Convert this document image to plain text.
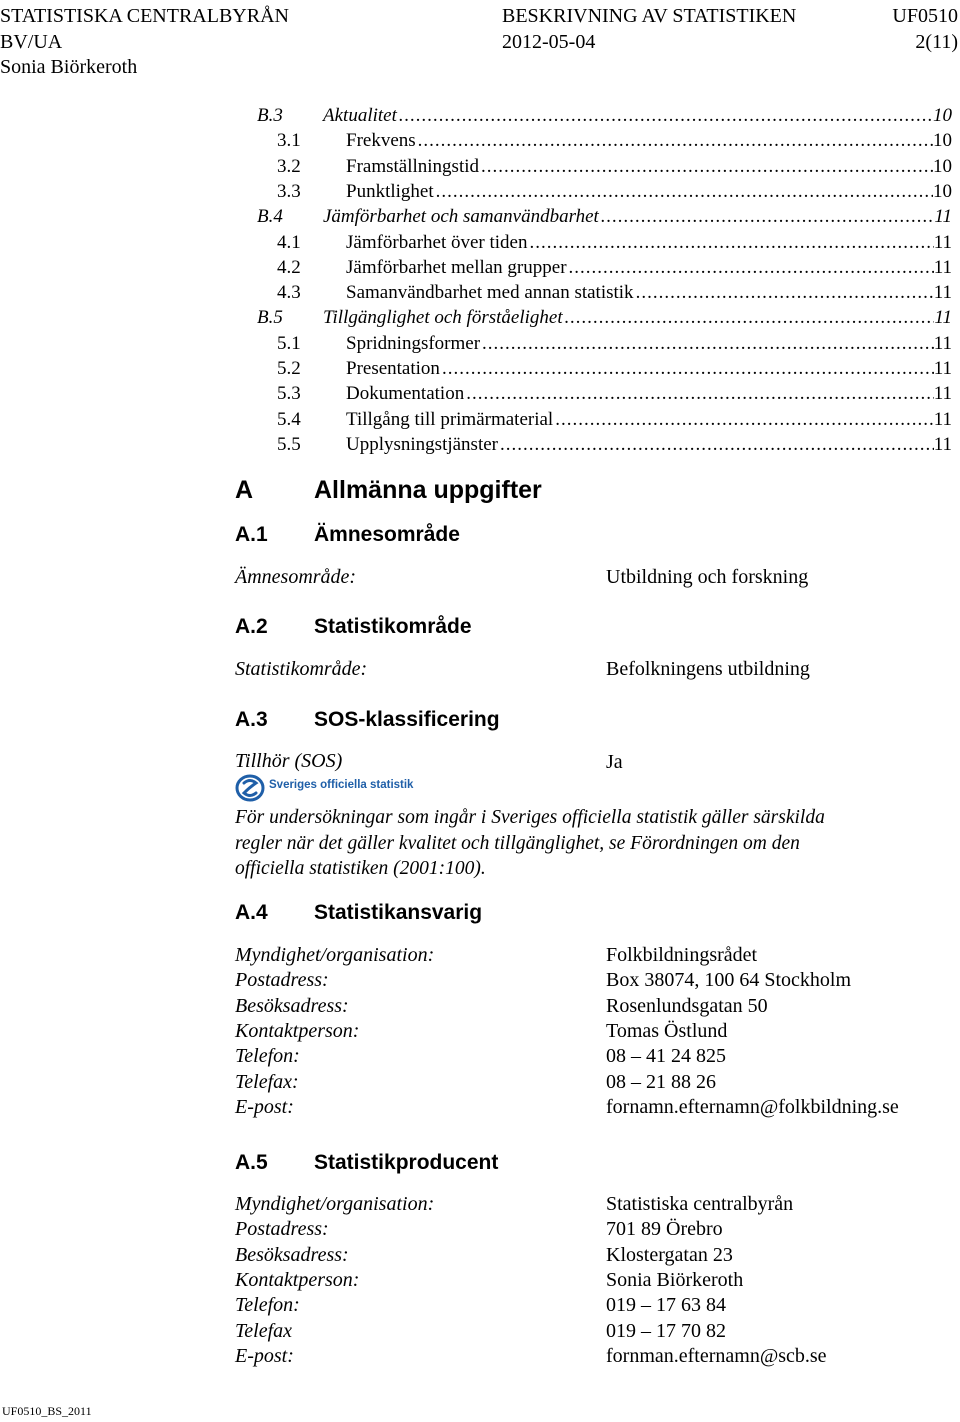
STATISTISKA CENTRALBYRÅN	BESKRIVNING AV STATISTIKEN	UF0510
BV/UA	2012-05-04	2(11)
Sonia Biörkeroth
B.3	Aktualitet .....	10
3.1	Frekvens .....	10
3.2	Framställningstid .....	10
3.3	Punktlighet .....	10
B.4	Jämförbarhet och samanvändbarhet .....	11
4.1	Jämförbarhet över tiden .....	11
4.2	Jämförbarhet mellan grupper .....	11
4.3	Samanvändbarhet med annan statistik .....	11
B.5	Tillgänglighet och förståelighet .....	11
5.1	Spridningsformer .....	11
5.2	Presentation .....	11
5.3	Dokumentation .....	11
5.4	Tillgång till primärmaterial .....	11
5.5	Upplysningstjänster .....	11
A Allmänna uppgifter
A.1 Ämnesområde
Ämnesområde:	Utbildning och forskning
A.2 Statistikområde
Statistikområde:	Befolkningens utbildning
A.3 SOS-klassificering
Tillhör (SOS)	Ja
Sveriges officiella statistik
För undersökningar som ingår i Sveriges officiella statistik gäller särskilda
regler när det gäller kvalitet och tillgänglighet, se Förordningen om den
officiella statistiken (2001:100).
A.4 Statistikansvarig
Myndighet/organisation:	Folkbildningsrådet
Postadress:	Box 38074, 100 64 Stockholm
Besöksadress:	Rosenlundsgatan 50
Kontaktperson:	Tomas Östlund
Telefon:	08 – 41 24 825
Telefax:	08 – 21 88 26
E-post:	fornamn.efternamn@folkbildning.se
A.5 Statistikproducent
Myndighet/organisation:	Statistiska centralbyrån
Postadress:	701 89 Örebro
Besöksadress:	Klostergatan 23
Kontaktperson:	Sonia Biörkeroth
Telefon:	019 – 17 63 84
Telefax	019 – 17 70 82
E-post:	fornman.efternamn@scb.se
UF0510_BS_2011
